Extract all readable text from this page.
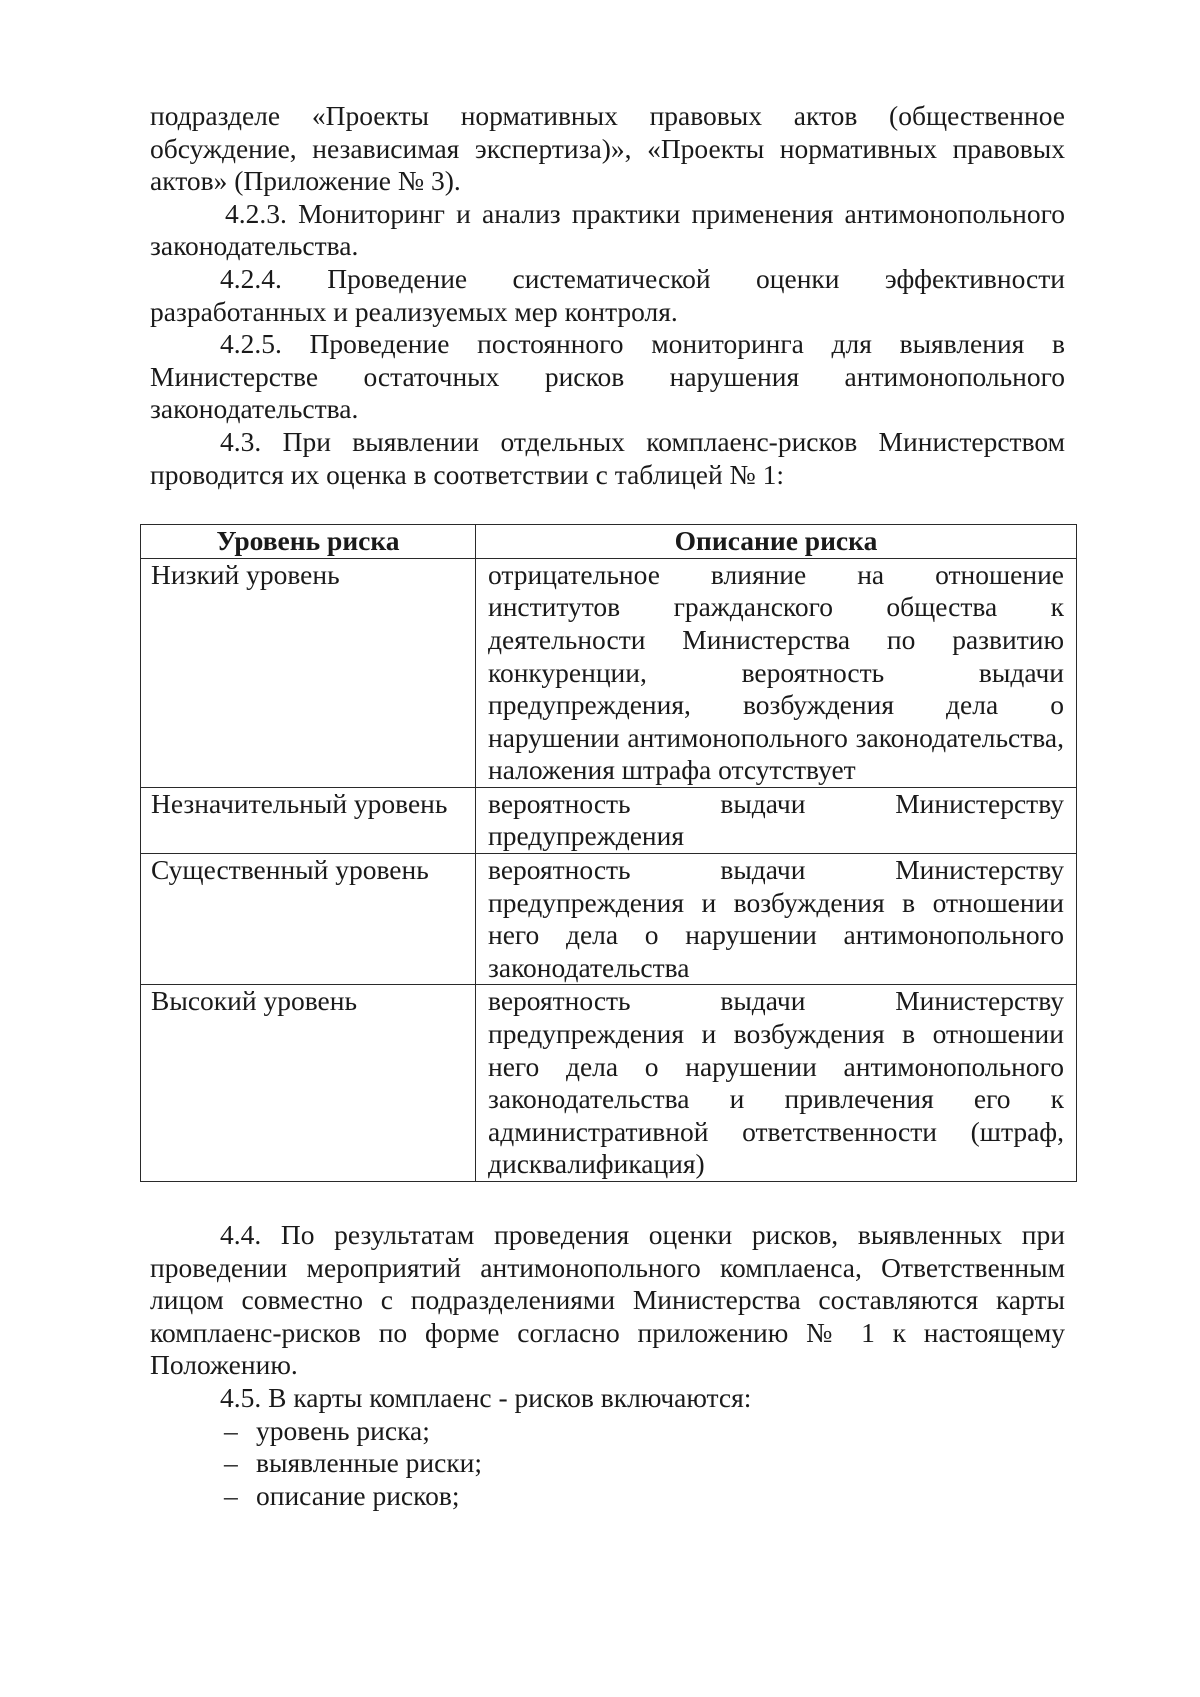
подразделе «Проекты нормативных правовых актов (общественное обсуждение, независимая экспертиза)», «Проекты нормативных правовых актов» (Приложение № 3).

4.2.3. Мониторинг и анализ практики применения антимонопольного законодательства.

4.2.4. Проведение систематической оценки эффективности разработанных и реализуемых мер контроля.

4.2.5. Проведение постоянного мониторинга для выявления в Министерстве остаточных рисков нарушения антимонопольного законодательства.

4.3. При выявлении отдельных комплаенс-рисков Министерством проводится их оценка в соответствии с таблицей № 1:

Уровень риска	Описание риска
Низкий уровень	отрицательное влияние на отношение институтов гражданского общества к деятельности Министерства по развитию конкуренции, вероятность выдачи предупреждения, возбуждения дела о нарушении антимонопольного законодательства, наложения штрафа отсутствует
Незначительный уровень	вероятность выдачи Министерству предупреждения
Существенный уровень	вероятность выдачи Министерству предупреждения и возбуждения в отношении него дела о нарушении антимонопольного законодательства
Высокий уровень	вероятность выдачи Министерству предупреждения и возбуждения в отношении него дела о нарушении антимонопольного законодательства и привлечения его к административной ответственности (штраф, дисквалификация)

4.4. По результатам проведения оценки рисков, выявленных при проведении мероприятий антимонопольного комплаенса, Ответственным лицом совместно с подразделениями Министерства составляются карты комплаенс-рисков по форме согласно приложению № 1 к настоящему Положению.

4.5. В карты комплаенс - рисков включаются:

– уровень риска;
– выявленные риски;
– описание рисков;
